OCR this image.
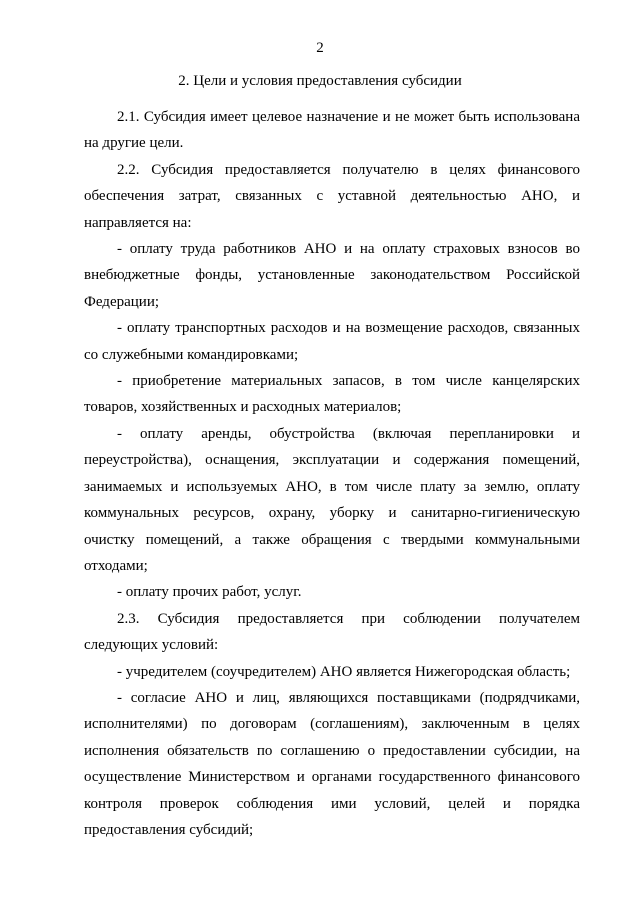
2
2. Цели и условия предоставления субсидии

2.1. Субсидия имеет целевое назначение и не может быть использована на другие цели.

2.2. Субсидия предоставляется получателю в целях финансового обеспечения затрат, связанных с уставной деятельностью АНО, и направляется на:

- оплату труда работников АНО и на оплату страховых взносов во внебюджетные фонды, установленные законодательством Российской Федерации;

- оплату транспортных расходов и на возмещение расходов, связанных со служебными командировками;

- приобретение материальных запасов, в том числе канцелярских товаров, хозяйственных и расходных материалов;

- оплату аренды, обустройства (включая перепланировки и переустройства), оснащения, эксплуатации и содержания помещений, занимаемых и используемых АНО, в том числе плату за землю, оплату коммунальных ресурсов, охрану, уборку и санитарно-гигиеническую очистку помещений, а также обращения с твердыми коммунальными отходами;

- оплату прочих работ, услуг.

2.3. Субсидия предоставляется при соблюдении получателем следующих условий:

- учредителем (соучредителем) АНО является Нижегородская область;

- согласие АНО и лиц, являющихся поставщиками (подрядчиками, исполнителями) по договорам (соглашениям), заключенным в целях исполнения обязательств по соглашению о предоставлении субсидии, на осуществление Министерством и органами государственного финансового контроля проверок соблюдения ими условий, целей и порядка предоставления субсидий;
